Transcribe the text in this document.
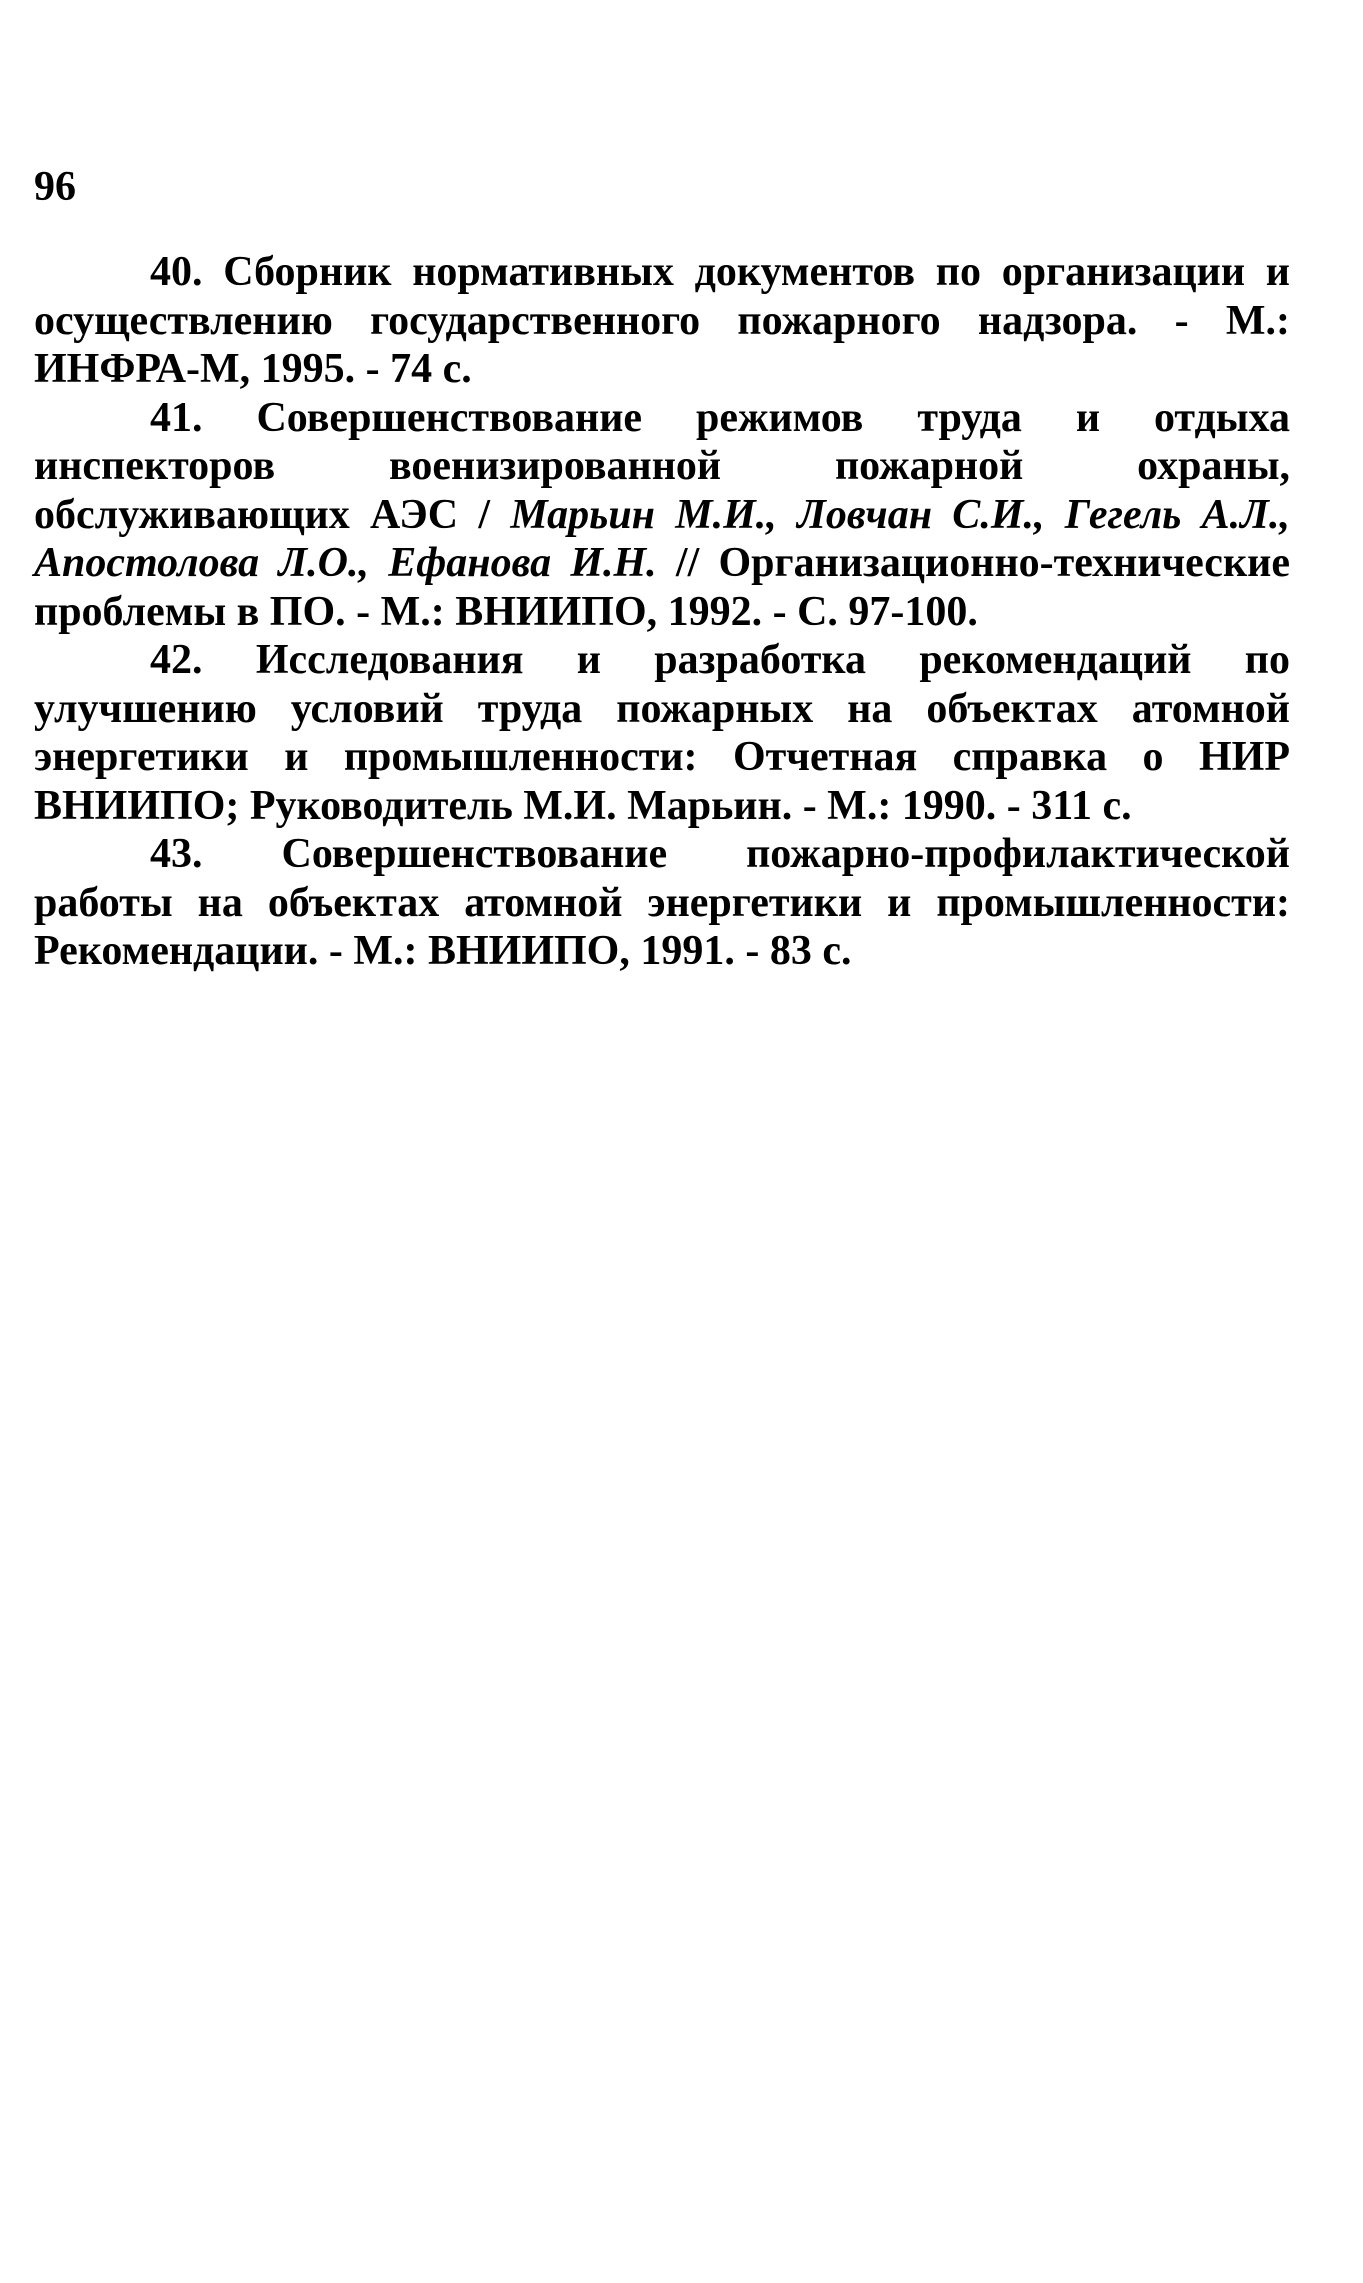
96

40. Сборник нормативных документов по организации и осуществлению государственного пожарного надзора. - М.: ИНФРА-М, 1995. - 74 с.

41. Совершенствование режимов труда и отдыха инспекторов военизированной пожарной охраны, обслуживающих АЭС / Марьин М.И., Ловчан С.И., Гегель А.Л., Апостолова Л.О., Ефанова И.Н. // Организационно-технические проблемы в ПО. - М.: ВНИИПО, 1992. - С. 97-100.

42. Исследования и разработка рекомендаций по улучшению условий труда пожарных на объектах атомной энергетики и промышленности: Отчетная справка о НИР ВНИИПО; Руководитель М.И. Марьин. - М.: 1990. - 311 с.

43. Совершенствование пожарно-профилактической работы на объектах атомной энергетики и промышленности: Рекомендации. - М.: ВНИИПО, 1991. - 83 с.
